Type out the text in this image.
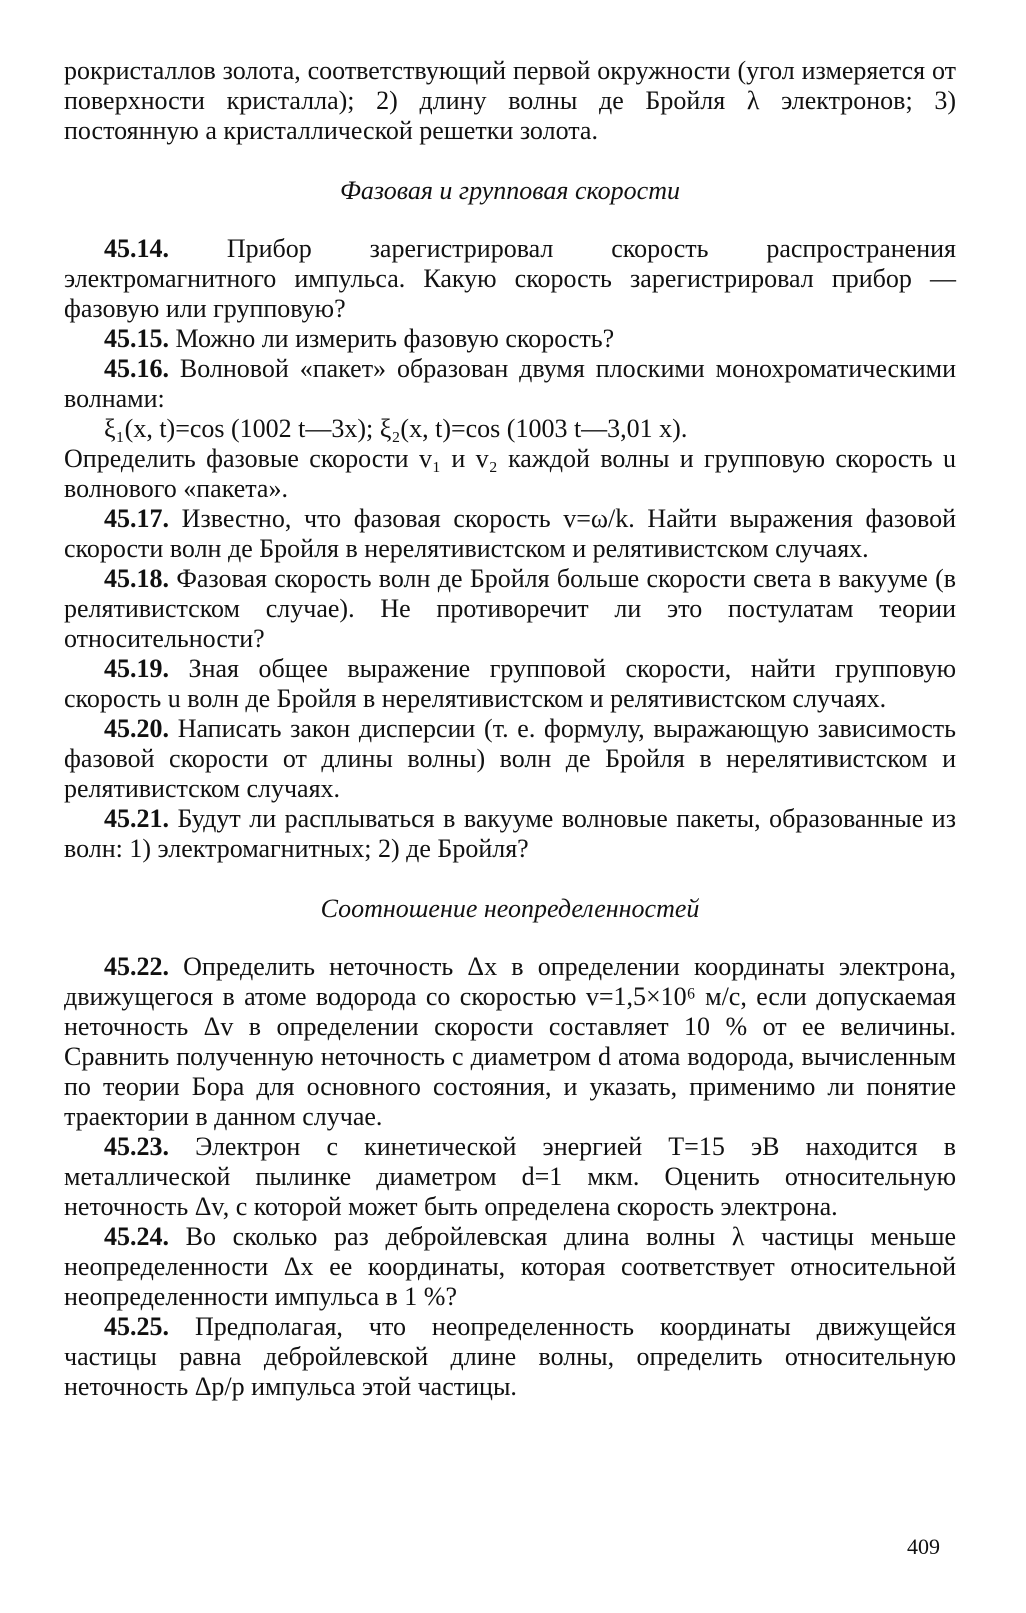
рокристаллов золота, соответствующий первой окружности (угол измеряется от поверхности кристалла); 2) длину волны де Бройля λ электронов; 3) постоянную a кристаллической решетки золота.

Фазовая и групповая скорости

45.14. Прибор зарегистрировал скорость распространения электромагнитного импульса. Какую скорость зарегистрировал прибор — фазовую или групповую?

45.15. Можно ли измерить фазовую скорость?

45.16. Волновой «пакет» образован двумя плоскими монохроматическими волнами:

ξ₁(x, t)=cos (1002 t—3x); ξ₂(x, t)=cos (1003 t—3,01 x).

Определить фазовые скорости v₁ и v₂ каждой волны и групповую скорость u волнового «пакета».

45.17. Известно, что фазовая скорость v=ω/k. Найти выражения фазовой скорости волн де Бройля в нерелятивистском и релятивистском случаях.

45.18. Фазовая скорость волн де Бройля больше скорости света в вакууме (в релятивистском случае). Не противоречит ли это постулатам теории относительности?

45.19. Зная общее выражение групповой скорости, найти групповую скорость u волн де Бройля в нерелятивистском и релятивистском случаях.

45.20. Написать закон дисперсии (т. е. формулу, выражающую зависимость фазовой скорости от длины волны) волн де Бройля в нерелятивистском и релятивистском случаях.

45.21. Будут ли расплываться в вакууме волновые пакеты, образованные из волн: 1) электромагнитных; 2) де Бройля?

Соотношение неопределенностей

45.22. Определить неточность Δx в определении координаты электрона, движущегося в атоме водорода со скоростью v=1,5×10⁶ м/с, если допускаемая неточность Δv в определении скорости составляет 10 % от ее величины. Сравнить полученную неточность с диаметром d атома водорода, вычисленным по теории Бора для основного состояния, и указать, применимо ли понятие траектории в данном случае.

45.23. Электрон с кинетической энергией T=15 эВ находится в металлической пылинке диаметром d=1 мкм. Оценить относительную неточность Δv, с которой может быть определена скорость электрона.

45.24. Во сколько раз дебройлевская длина волны λ частицы меньше неопределенности Δx ее координаты, которая соответствует относительной неопределенности импульса в 1 %?

45.25. Предполагая, что неопределенность координаты движущейся частицы равна дебройлевской длине волны, определить относительную неточность Δp/p импульса этой частицы.

409
